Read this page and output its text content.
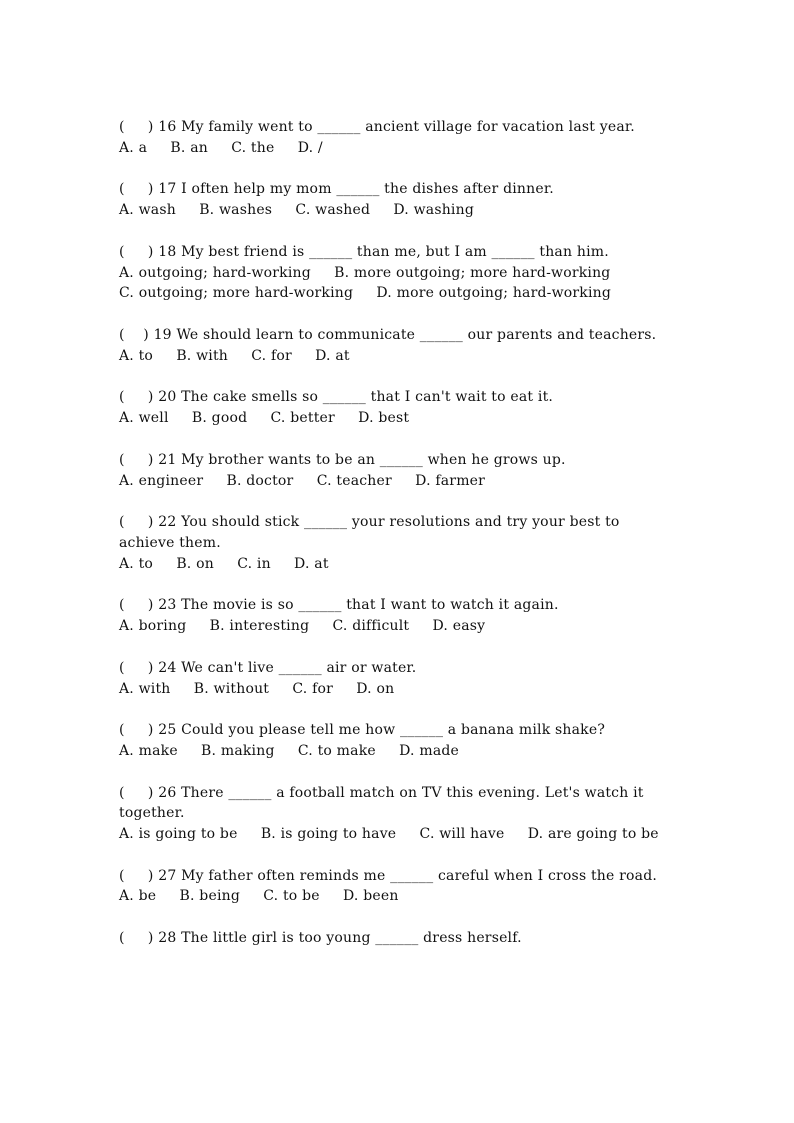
(     ) 16 My family went to ______ ancient village for vacation last year.
A. a     B. an     C. the     D. /
(     ) 17 I often help my mom ______ the dishes after dinner.
A. wash     B. washes     C. washed     D. washing
(     ) 18 My best friend is ______ than me, but I am ______ than him.
A. outgoing; hard-working     B. more outgoing; more hard-working
C. outgoing; more hard-working     D. more outgoing; hard-working
(    ) 19 We should learn to communicate ______ our parents and teachers.
A. to     B. with     C. for     D. at
(     ) 20 The cake smells so ______ that I can't wait to eat it.
A. well     B. good     C. better     D. best
(     ) 21 My brother wants to be an ______ when he grows up.
A. engineer     B. doctor     C. teacher     D. farmer
(     ) 22 You should stick ______ your resolutions and try your best to achieve them.
A. to     B. on     C. in     D. at
(     ) 23 The movie is so ______ that I want to watch it again.
A. boring     B. interesting     C. difficult     D. easy
(     ) 24 We can't live ______ air or water.
A. with     B. without     C. for     D. on
(     ) 25 Could you please tell me how ______ a banana milk shake?
A. make     B. making     C. to make     D. made
(     ) 26 There ______ a football match on TV this evening. Let's watch it together.
A. is going to be     B. is going to have     C. will have     D. are going to be
(     ) 27 My father often reminds me ______ careful when I cross the road.
A. be     B. being     C. to be     D. been
(     ) 28 The little girl is too young ______ dress herself.
